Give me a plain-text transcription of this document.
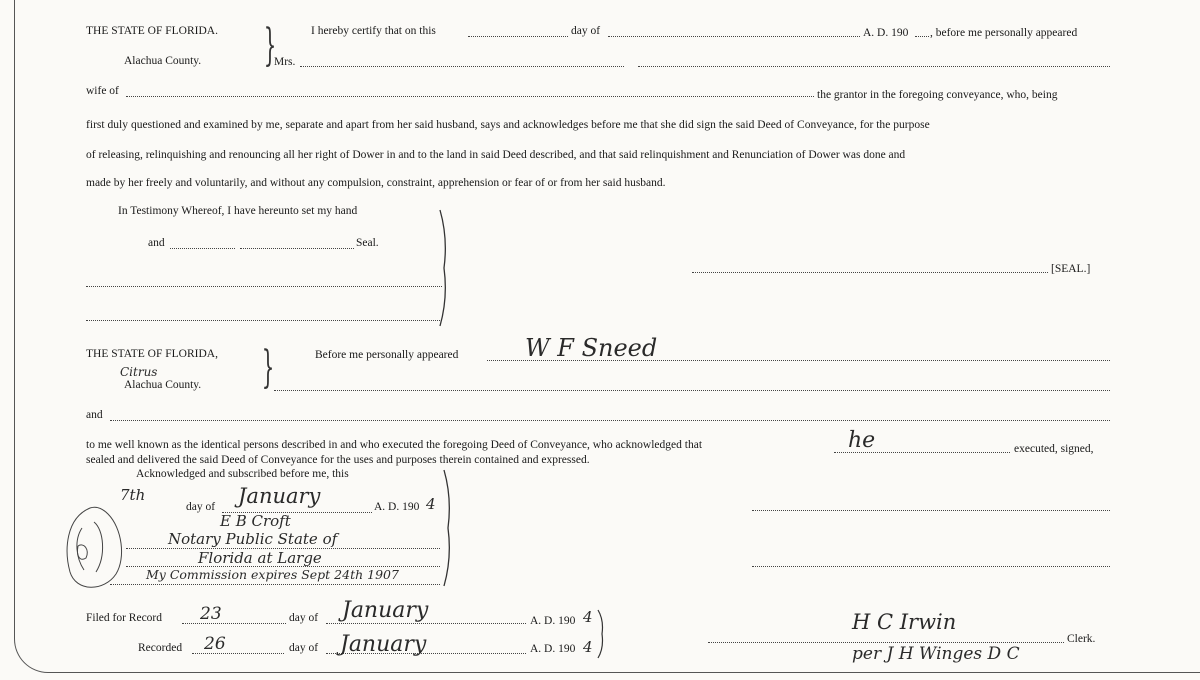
THE STATE OF FLORIDA.
Alachua County. }	I hereby certify that on this	day of	A. D. 190 , before me personally appeared
Mrs.
wife of	the grantor in the foregoing conveyance, who, being
first duly questioned and examined by me, separate and apart from her said husband, says and acknowledges before me that she did sign the said Deed of Conveyance, for the purpose
of releasing, relinquishing and renouncing all her right of Dower in and to the land in said Deed described, and that said relinquishment and Renunciation of Dower was done and
made by her freely and voluntarily, and without any compulsion, constraint, apprehension or fear of or from her said husband.
In Testimony Whereof, I have hereunto set my hand
and	Seal.
[SEAL.]
THE STATE OF FLORIDA,
Citrus
Alachua County. }	Before me personally appeared	W F Sneed
and
to me well known as the identical persons described in and who executed the foregoing Deed of Conveyance, who acknowledged that	he	executed, signed,
sealed and delivered the said Deed of Conveyance for the uses and purposes therein contained and expressed.
Acknowledged and subscribed before me, this
7th
day of January	A. D. 190 4
E B Croft
Notary Public State of
Florida at Large
My Commission expires Sept 24th 1907
Filed for Record 23	day of January	A. D. 190 4
Recorded 26	day of January	A. D. 190 4
H C Irwin
per J H Winges D C
Clerk.
